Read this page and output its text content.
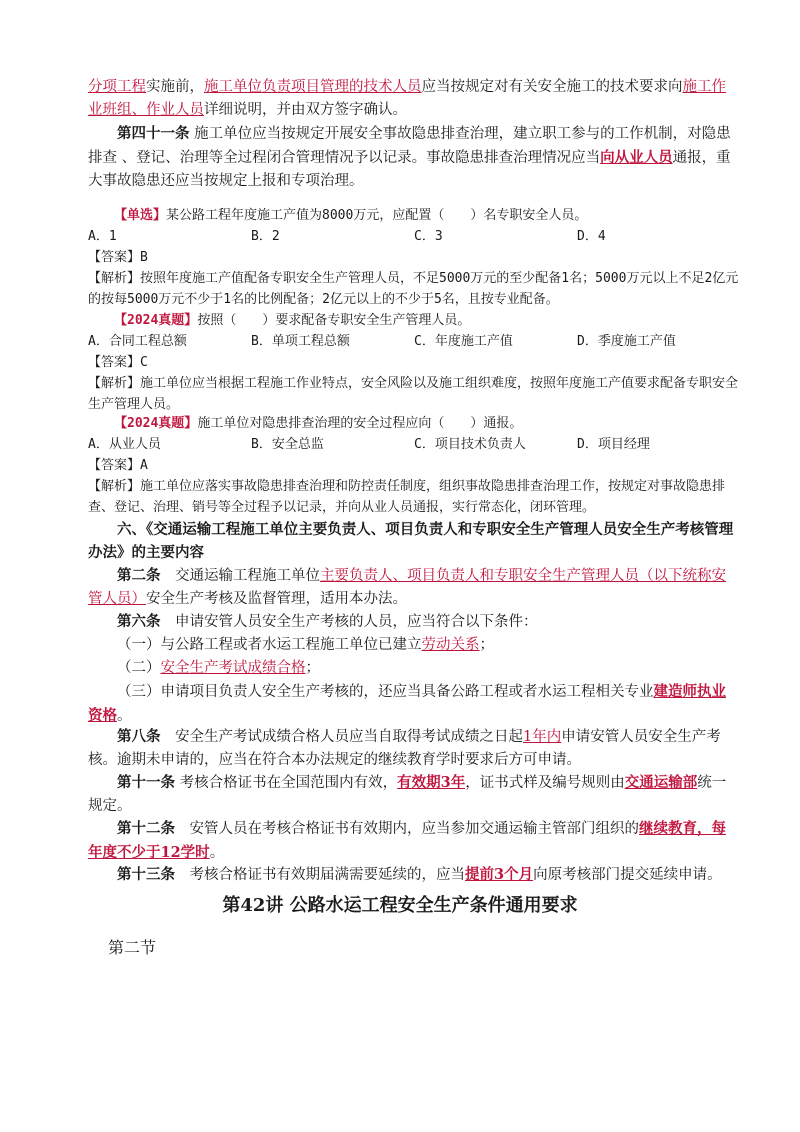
分项工程实施前，施工单位负责项目管理的技术人员应当按规定对有关安全施工的技术要求向施工作业班组、作业人员详细说明，并由双方签字确认。
第四十一条 施工单位应当按规定开展安全事故隐患排查治理，建立职工参与的工作机制，对隐患排查 、登记、治理等全过程闭合管理情况予以记录。事故隐患排查治理情况应当向从业人员通报，重大事故隐患还应当按规定上报和专项治理。
【单选】某公路工程年度施工产值为8000万元，应配置（　　）名专职安全人员。
A．1	B．2	C．3	D．4
【答案】B
【解析】按照年度施工产值配备专职安全生产管理人员，不足5000万元的至少配备1名；5000万元以上不足2亿元的按每5000万元不少于1名的比例配备；2亿元以上的不少于5名，且按专业配备。
【2024真题】按照（　　）要求配备专职安全生产管理人员。
A．合同工程总额	B．单项工程总额	C．年度施工产值	D．季度施工产值
【答案】C
【解析】施工单位应当根据工程施工作业特点，安全风险以及施工组织难度，按照年度施工产值要求配备专职安全生产管理人员。
【2024真题】施工单位对隐患排查治理的安全过程应向（　　）通报。
A．从业人员	B．安全总监	C．项目技术负责人	D．项目经理
【答案】A
【解析】施工单位应落实事故隐患排查治理和防控责任制度，组织事故隐患排查治理工作，按规定对事故隐患排查、登记、治理、销号等全过程予以记录，并向从业人员通报，实行常态化，闭环管理。
六、《交通运输工程施工单位主要负责人、项目负责人和专职安全生产管理人员安全生产考核管理办法》的主要内容
第二条　交通运输工程施工单位主要负责人、项目负责人和专职安全生产管理人员（以下统称安管人员）安全生产考核及监督管理，适用本办法。
第六条　申请安管人员安全生产考核的人员，应当符合以下条件：
（一）与公路工程或者水运工程施工单位已建立劳动关系；
（二）安全生产考试成绩合格；
（三）申请项目负责人安全生产考核的，还应当具备公路工程或者水运工程相关专业建造师执业资格。
第八条　安全生产考试成绩合格人员应当自取得考试成绩之日起1年内申请安管人员安全生产考核。逾期未申请的，应当在符合本办法规定的继续教育学时要求后方可申请。
第十一条 考核合格证书在全国范围内有效，有效期3年，证书式样及编号规则由交通运输部统一规定。
第十二条　安管人员在考核合格证书有效期内，应当参加交通运输主管部门组织的继续教育，每年度不少于12学时。
第十三条　考核合格证书有效期届满需要延续的，应当提前3个月向原考核部门提交延续申请。
第42讲 公路水运工程安全生产条件通用要求
第二节
